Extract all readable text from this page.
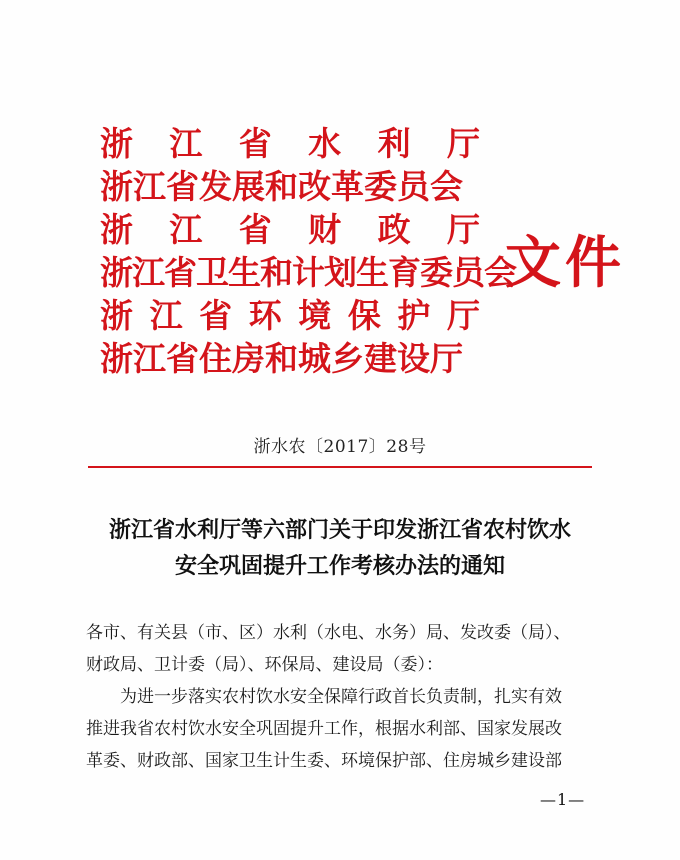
浙 江 省 水 利 厅
浙江省发展和改革委员会
浙 江 省 财 政 厅
浙江省卫生和计划生育委员会
浙 江 省 环 境 保 护 厅
浙江省住房和城乡建设厅
文件
浙水农〔2017〕28号
浙江省水利厅等六部门关于印发浙江省农村饮水
安全巩固提升工作考核办法的通知
各市、有关县（市、区）水利（水电、水务）局、发改委（局）、
财政局、卫计委（局）、环保局、建设局（委）：
为进一步落实农村饮水安全保障行政首长负责制，扎实有效
推进我省农村饮水安全巩固提升工作，根据水利部、国家发展改
革委、财政部、国家卫生计生委、环境保护部、住房城乡建设部
—1—
